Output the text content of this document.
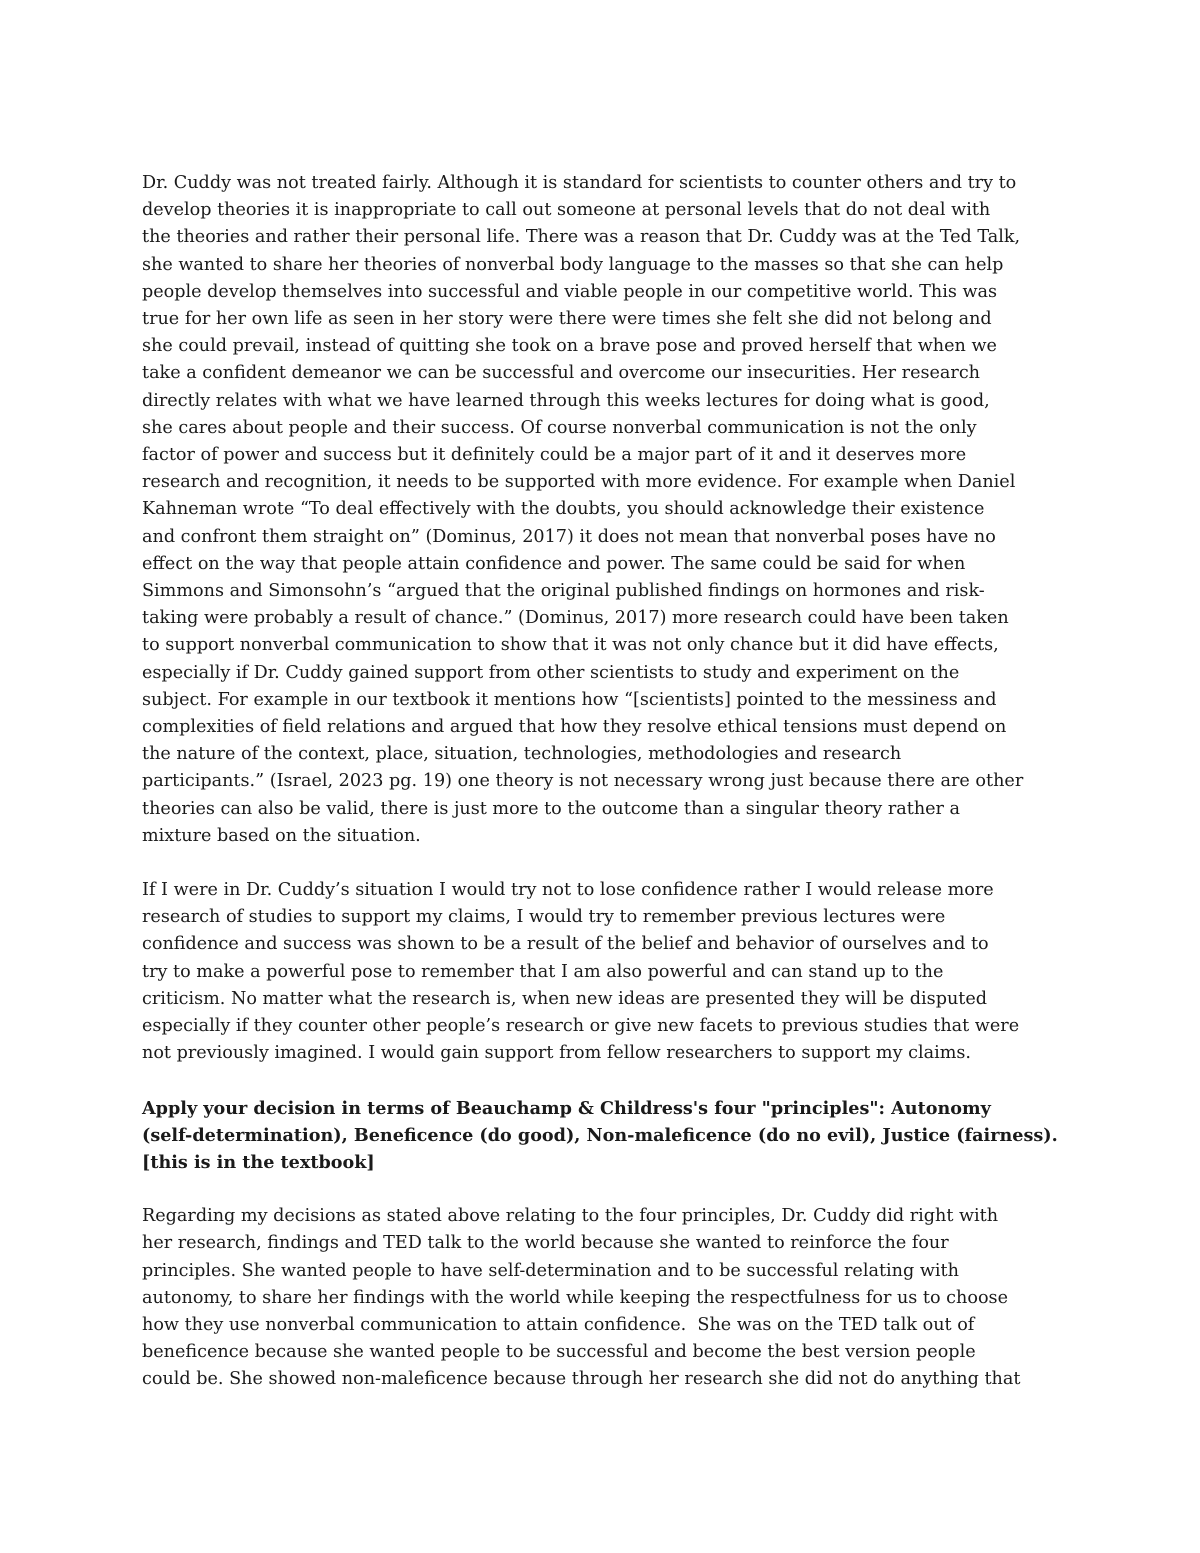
Dr. Cuddy was not treated fairly. Although it is standard for scientists to counter others and try to
develop theories it is inappropriate to call out someone at personal levels that do not deal with
the theories and rather their personal life. There was a reason that Dr. Cuddy was at the Ted Talk,
she wanted to share her theories of nonverbal body language to the masses so that she can help
people develop themselves into successful and viable people in our competitive world. This was
true for her own life as seen in her story were there were times she felt she did not belong and
she could prevail, instead of quitting she took on a brave pose and proved herself that when we
take a confident demeanor we can be successful and overcome our insecurities. Her research
directly relates with what we have learned through this weeks lectures for doing what is good,
she cares about people and their success. Of course nonverbal communication is not the only
factor of power and success but it definitely could be a major part of it and it deserves more
research and recognition, it needs to be supported with more evidence. For example when Daniel
Kahneman wrote “To deal effectively with the doubts, you should acknowledge their existence
and confront them straight on” (Dominus, 2017) it does not mean that nonverbal poses have no
effect on the way that people attain confidence and power. The same could be said for when
Simmons and Simonsohn’s “argued that the original published findings on hormones and risk-
taking were probably a result of chance.” (Dominus, 2017) more research could have been taken
to support nonverbal communication to show that it was not only chance but it did have effects,
especially if Dr. Cuddy gained support from other scientists to study and experiment on the
subject. For example in our textbook it mentions how “[scientists] pointed to the messiness and
complexities of field relations and argued that how they resolve ethical tensions must depend on
the nature of the context, place, situation, technologies, methodologies and research
participants.” (Israel, 2023 pg. 19) one theory is not necessary wrong just because there are other
theories can also be valid, there is just more to the outcome than a singular theory rather a
mixture based on the situation.
If I were in Dr. Cuddy’s situation I would try not to lose confidence rather I would release more
research of studies to support my claims, I would try to remember previous lectures were
confidence and success was shown to be a result of the belief and behavior of ourselves and to
try to make a powerful pose to remember that I am also powerful and can stand up to the
criticism. No matter what the research is, when new ideas are presented they will be disputed
especially if they counter other people’s research or give new facets to previous studies that were
not previously imagined. I would gain support from fellow researchers to support my claims.
Apply your decision in terms of Beauchamp & Childress's four "principles": Autonomy
(self-determination), Beneficence (do good), Non-maleficence (do no evil), Justice (fairness).
[this is in the textbook]
Regarding my decisions as stated above relating to the four principles, Dr. Cuddy did right with
her research, findings and TED talk to the world because she wanted to reinforce the four
principles. She wanted people to have self-determination and to be successful relating with
autonomy, to share her findings with the world while keeping the respectfulness for us to choose
how they use nonverbal communication to attain confidence.  She was on the TED talk out of
beneficence because she wanted people to be successful and become the best version people
could be. She showed non-maleficence because through her research she did not do anything that
